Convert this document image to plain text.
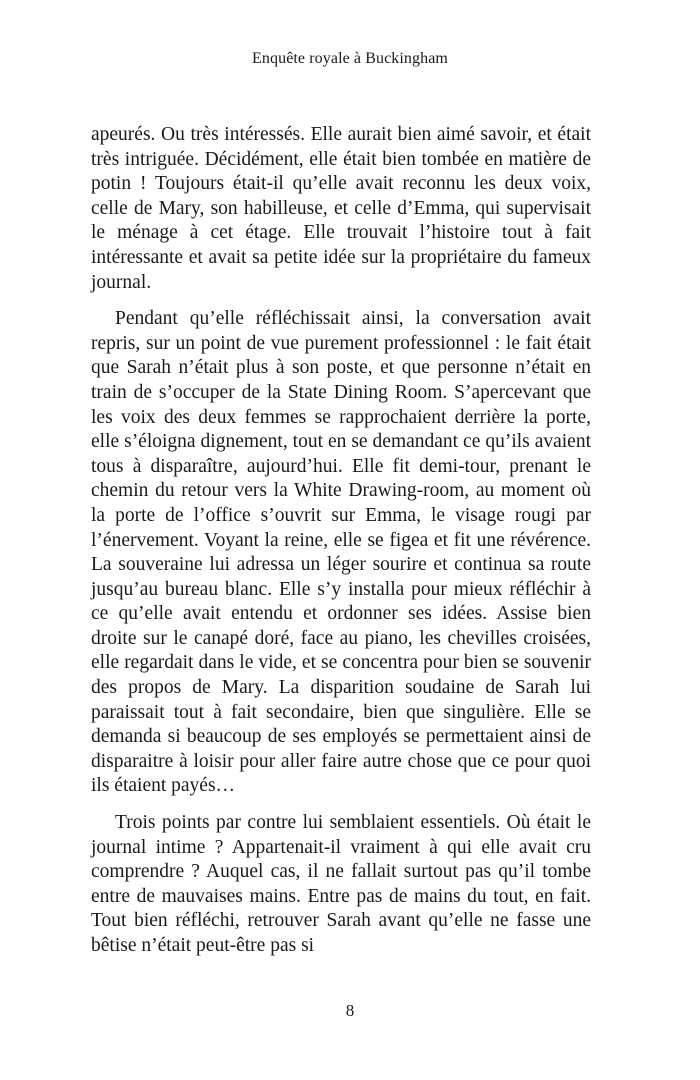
Enquête royale à Buckingham

apeurés. Ou très intéressés. Elle aurait bien aimé savoir, et était très intriguée. Décidément, elle était bien tombée en matière de potin ! Toujours était-il qu’elle avait reconnu les deux voix, celle de Mary, son habilleuse, et celle d’Emma, qui supervisait le ménage à cet étage. Elle trouvait l’histoire tout à fait intéressante et avait sa petite idée sur la propriétaire du fameux journal.

Pendant qu’elle réfléchissait ainsi, la conversation avait repris, sur un point de vue purement professionnel : le fait était que Sarah n’était plus à son poste, et que personne n’était en train de s’occuper de la State Dining Room. S’apercevant que les voix des deux femmes se rapprochaient derrière la porte, elle s’éloigna dignement, tout en se demandant ce qu’ils avaient tous à disparaître, aujourd’hui. Elle fit demi-tour, prenant le chemin du retour vers la White Drawing-room, au moment où la porte de l’office s’ouvrit sur Emma, le visage rougi par l’énervement. Voyant la reine, elle se figea et fit une révérence. La souveraine lui adressa un léger sourire et continua sa route jusqu’au bureau blanc. Elle s’y installa pour mieux réfléchir à ce qu’elle avait entendu et ordonner ses idées. Assise bien droite sur le canapé doré, face au piano, les chevilles croisées, elle regardait dans le vide, et se concentra pour bien se souvenir des propos de Mary. La disparition soudaine de Sarah lui paraissait tout à fait secondaire, bien que singulière. Elle se demanda si beaucoup de ses employés se permettaient ainsi de disparaitre à loisir pour aller faire autre chose que ce pour quoi ils étaient payés…

Trois points par contre lui semblaient essentiels. Où était le journal intime ? Appartenait-il vraiment à qui elle avait cru comprendre ? Auquel cas, il ne fallait surtout pas qu’il tombe entre de mauvaises mains. Entre pas de mains du tout, en fait. Tout bien réfléchi, retrouver Sarah avant qu’elle ne fasse une bêtise n’était peut-être pas si

8
